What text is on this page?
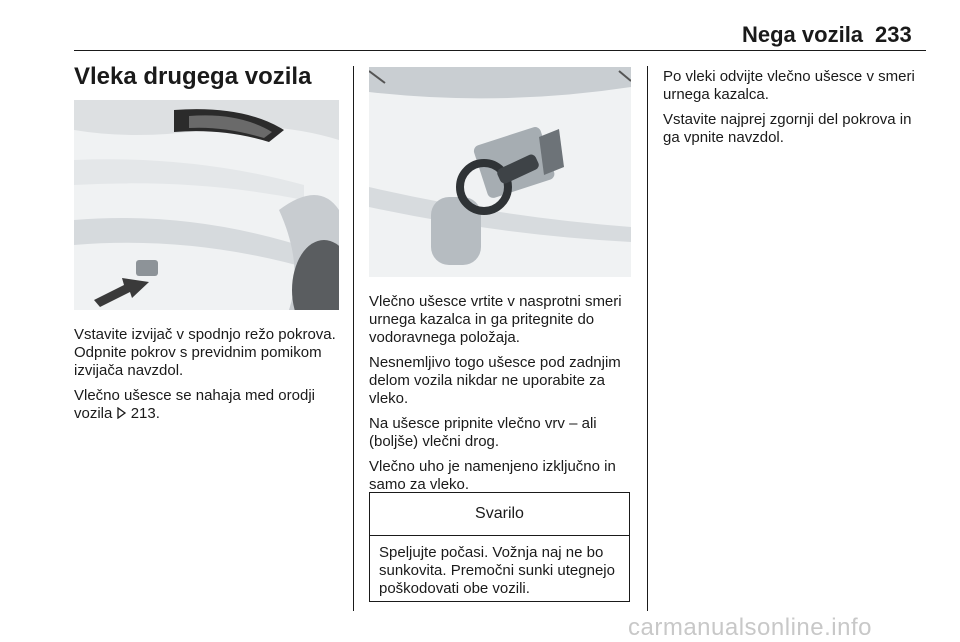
Nega vozila 233
Vleka drugega vozila

Vstavite izvijač v spodnjo režo pokrova. Odpnite pokrov s previdnim pomikom izvijača navzdol.

Vlečno ušesce se nahaja med orodji vozila 213.

Vlečno ušesce vrtite v nasprotni smeri urnega kazalca in ga pritegnite do vodoravnega položaja.

Nesnemljivo togo ušesce pod zadnjim delom vozila nikdar ne uporabite za vleko.

Na ušesce pripnite vlečno vrv – ali (boljše) vlečni drog.

Vlečno uho je namenjeno izključno in samo za vleko.

Svarilo
Speljujte počasi. Vožnja naj ne bo sunkovita. Premočni sunki utegnejo poškodovati obe vozili.

Po vleki odvijte vlečno ušesce v smeri urnega kazalca.

Vstavite najprej zgornji del pokrova in ga vpnite navzdol.

carmanualsonline.info
